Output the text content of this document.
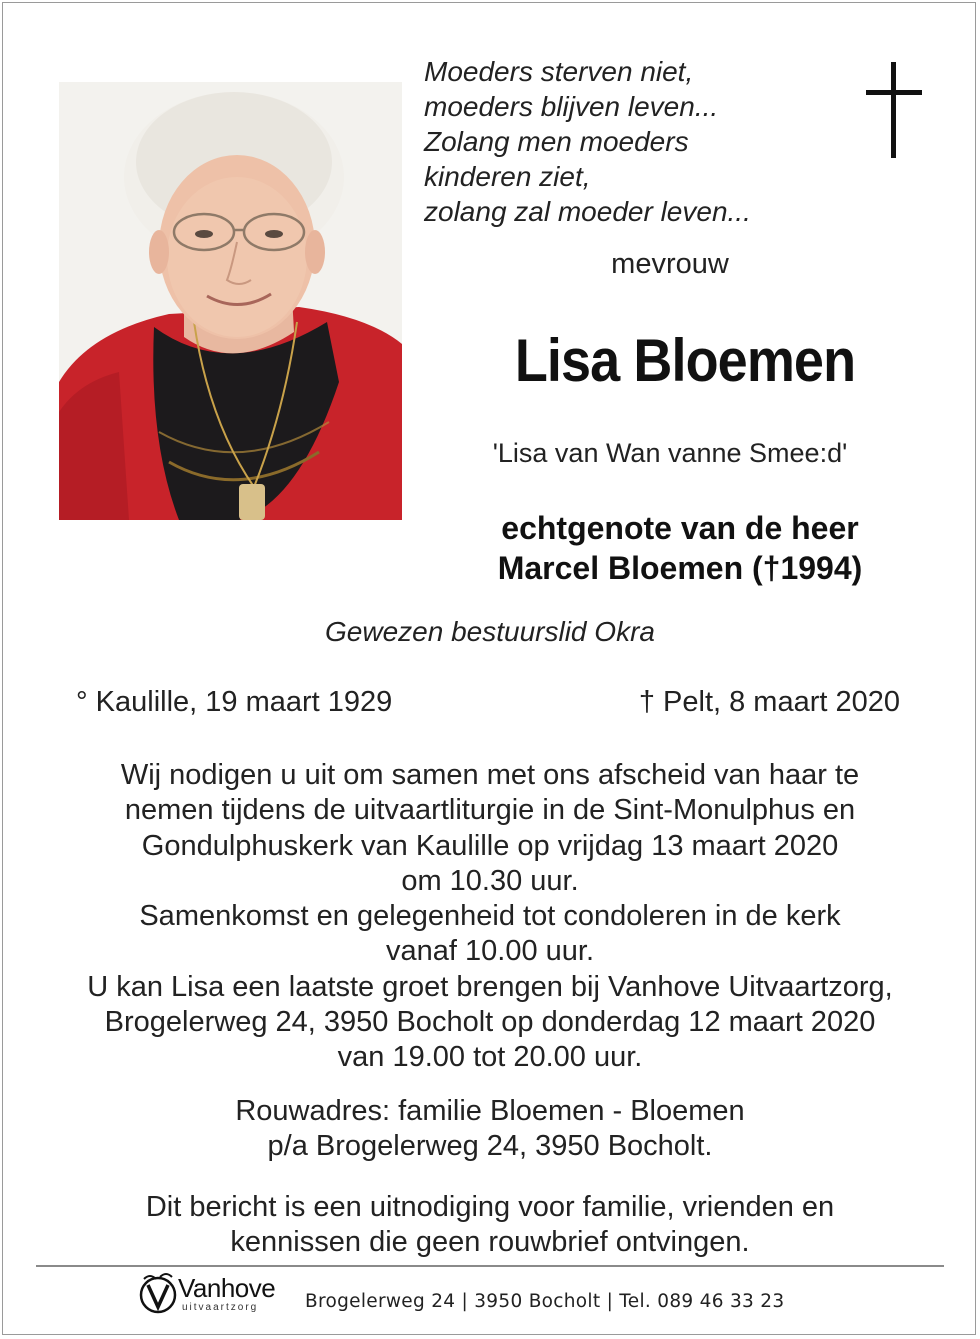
Moeders sterven niet,
moeders blijven leven...
Zolang men moeders
kinderen ziet,
zolang zal moeder leven...
mevrouw
Lisa Bloemen
'Lisa van Wan vanne Smee:d'
echtgenote van de heer
Marcel Bloemen (†1994)
Gewezen bestuurslid Okra
° Kaulille, 19 maart 1929	† Pelt, 8 maart 2020
Wij nodigen u uit om samen met ons afscheid van haar te
nemen tijdens de uitvaartliturgie in de Sint-Monulphus en
Gondulphuskerk van Kaulille op vrijdag 13 maart 2020
om 10.30 uur.
Samenkomst en gelegenheid tot condoleren in de kerk
vanaf 10.00 uur.
U kan Lisa een laatste groet brengen bij Vanhove Uitvaartzorg,
Brogelerweg 24, 3950 Bocholt op donderdag 12 maart 2020
van 19.00 tot 20.00 uur.
Rouwadres: familie Bloemen - Bloemen
p/a Brogelerweg 24, 3950 Bocholt.
Dit bericht is een uitnodiging voor familie, vrienden en
kennissen die geen rouwbrief ontvingen.
Vanhove
uitvaartzorg	Brogelerweg 24 | 3950 Bocholt | Tel. 089 46 33 23
